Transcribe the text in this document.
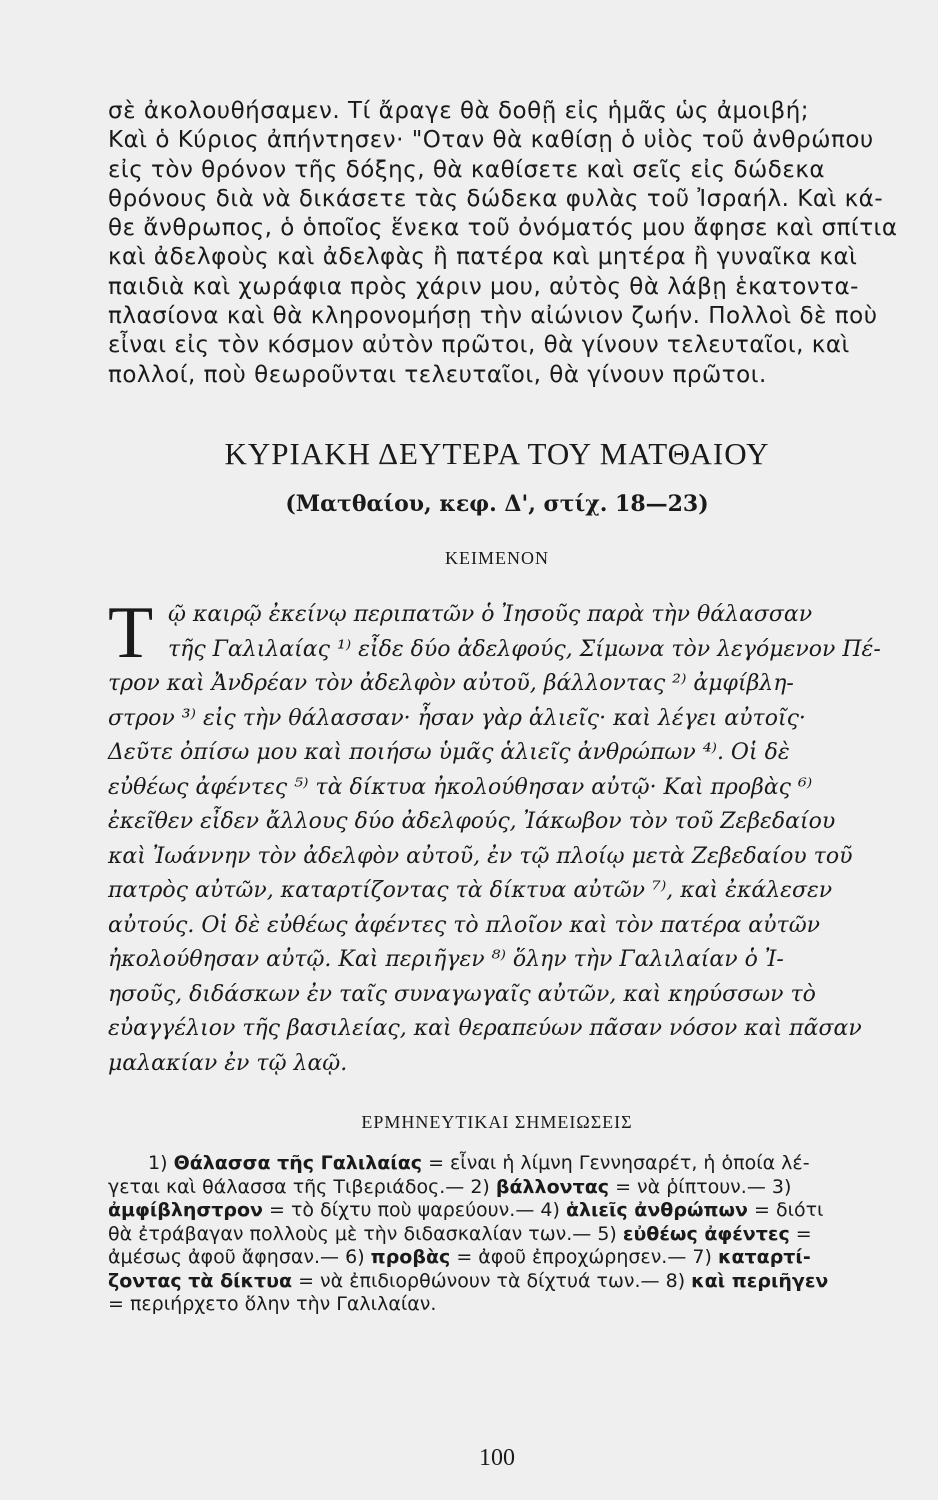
σὲ ἀκολουθήσαμεν. Τί ἄραγε θὰ δοθῇ εἰς ἡμᾶς ὡς ἀμοιβή;
Καὶ ὁ Κύριος ἀπήντησεν· "Οταν θὰ καθίσῃ ὁ υἱὸς τοῦ ἀνθρώπου
εἰς τὸν θρόνον τῆς δόξης, θὰ καθίσετε καὶ σεῖς εἰς δώδεκα
θρόνους διὰ νὰ δικάσετε τὰς δώδεκα φυλὰς τοῦ Ἰσραήλ. Καὶ κά-
θε ἄνθρωπος, ὁ ὁποῖος ἕνεκα τοῦ ὀνόματός μου ἄφησε καὶ σπίτια
καὶ ἀδελφοὺς καὶ ἀδελφὰς ἢ πατέρα καὶ μητέρα ἢ γυναῖκα καὶ
παιδιὰ καὶ χωράφια πρὸς χάριν μου, αὐτὸς θὰ λάβῃ ἑκατοντα-
πλασίονα καὶ θὰ κληρονομήσῃ τὴν αἰώνιον ζωήν. Πολλοὶ δὲ ποὺ
εἶναι εἰς τὸν κόσμον αὐτὸν πρῶτοι, θὰ γίνουν τελευταῖοι, καὶ
πολλοί, ποὺ θεωροῦνται τελευταῖοι, θὰ γίνουν πρῶτοι.
ΚΥΡΙΑΚΗ ΔΕΥΤΕΡΑ ΤΟΥ ΜΑΤΘΑΙΟΥ
(Ματθαίου, κεφ. Δ', στίχ. 18—23)
ΚΕΙΜΕΝΟΝ
Τ ῷ καιρῷ ἐκείνῳ περιπατῶν ὁ Ἰησοῦς παρὰ τὴν θάλασσαν
τῆς Γαλιλαίας ¹⁾ εἶδε δύο ἀδελφούς, Σίμωνα τὸν λεγόμενον Πέ-
τρον καὶ Ἀνδρέαν τὸν ἀδελφὸν αὐτοῦ, βάλλοντας ²⁾ ἀμφίβλη-
στρον ³⁾ εἰς τὴν θάλασσαν· ἦσαν γὰρ ἁλιεῖς· καὶ λέγει αὐτοῖς·
Δεῦτε ὀπίσω μου καὶ ποιήσω ὑμᾶς ἁλιεῖς ἀνθρώπων ⁴⁾. Οἱ δὲ
εὐθέως ἀφέντες ⁵⁾ τὰ δίκτυα ἠκολούθησαν αὐτῷ· Καὶ προβὰς ⁶⁾
ἐκεῖθεν εἶδεν ἄλλους δύο ἀδελφούς, Ἰάκωβον τὸν τοῦ Ζεβεδαίου
καὶ Ἰωάννην τὸν ἀδελφὸν αὐτοῦ, ἐν τῷ πλοίῳ μετὰ Ζεβεδαίου τοῦ
πατρὸς αὐτῶν, καταρτίζοντας τὰ δίκτυα αὐτῶν ⁷⁾, καὶ ἐκάλεσεν
αὐτούς. Οἱ δὲ εὐθέως ἀφέντες τὸ πλοῖον καὶ τὸν πατέρα αὐτῶν
ἠκολούθησαν αὐτῷ. Καὶ περιῆγεν ⁸⁾ ὅλην τὴν Γαλιλαίαν ὁ Ἰ-
ησοῦς, διδάσκων ἐν ταῖς συναγωγαῖς αὐτῶν, καὶ κηρύσσων τὸ
εὐαγγέλιον τῆς βασιλείας, καὶ θεραπεύων πᾶσαν νόσον καὶ πᾶσαν
μαλακίαν ἐν τῷ λαῷ.
ΕΡΜΗΝΕΥΤΙΚΑΙ ΣΗΜΕΙΩΣΕΙΣ
1) Θάλασσα τῆς Γαλιλαίας = εἶναι ἡ λίμνη Γεννησαρέτ, ἡ ὁποία λέ-
γεται καὶ θάλασσα τῆς Τιβεριάδος.— 2) βάλλοντας = νὰ ῥίπτουν.— 3)
ἀμφίβληστρον = τὸ δίχτυ ποὺ ψαρεύουν.— 4) ἁλιεῖς ἀνθρώπων = διότι
θὰ ἐτράβαγαν πολλοὺς μὲ τὴν διδασκαλίαν των.— 5) εὐθέως ἀφέντες =
ἀμέσως ἀφοῦ ἄφησαν.— 6) προβὰς = ἀφοῦ ἐπροχώρησεν.— 7) καταρτί-
ζοντας τὰ δίκτυα = νὰ ἐπιδιορθώνουν τὰ δίχτυά των.— 8) καὶ περιῆγεν
= περιήρχετο ὅλην τὴν Γαλιλαίαν.
100
